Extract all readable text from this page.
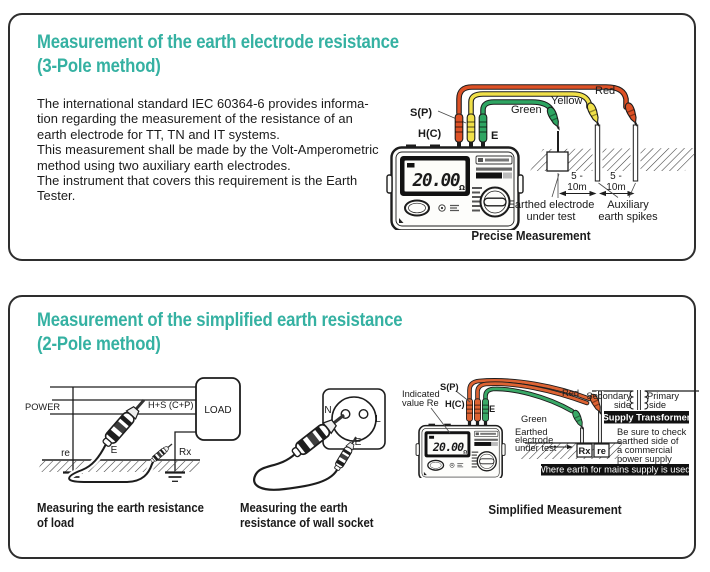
Measurement of the earth electrode resistance
(3-Pole method)
The international standard IEC 60364-6 provides informa-
tion regarding the measurement of the resistance of an
earth electrode for TT, TN and IT systems.
This measurement shall be made by the Volt-Amperometric
method using two auxiliary earth electrodes.
The instrument that covers this requirement is the Earth
Tester.
20.00 Ω
S(P)
H(C)	E
Green
Yellow
Red
5 -
10m
5 -
10m
Earthed electrode
under test
Auxiliary
earth spikes
Precise Measurement
Measurement of the simplified earth resistance
(2-Pole method)
POWER	H+S (C+P) LOAD
re	Rx
E
N
L
E
Rx re
20.00 Ω
Indicated
value Re
S(P)
H(C)	E
Red
Green
Earthed
electrode
under test
Secondary
side
Primary
side
Supply Transformer
Be sure to check
earthed side of
a commercial
power supply
Where earth for mains supply is used.
Measuring the earth resistance
of load
Measuring the earth
resistance of wall socket
Simplified Measurement
